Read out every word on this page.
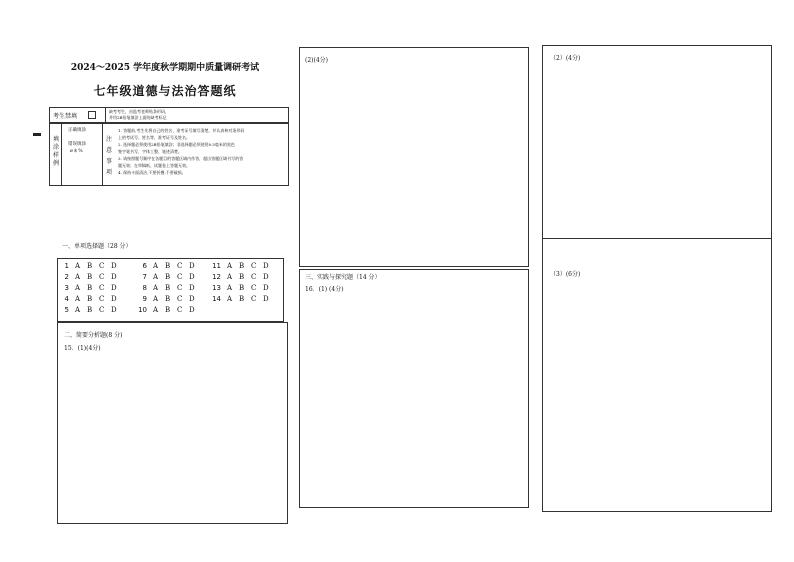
2024～2025 学年度秋学期期中质量调研考试
七年级道德与法治答题纸
考生禁填
缺考考生，由监考老师贴条形码，
并用2B铅笔填涂上面的缺考标记
填涂样例
正确填涂
错误填涂
ø $ %
注意事项
1. 答题前,考生先将自己的姓名、准考证号填写清楚，并认真核对条形码
上的考试号、姓名等，准考证号及姓名。
2. 选择题必须使用2B铅笔填涂；非选择题必须使用0.5毫米的黑色
签字笔书写，字体工整、笔迹清楚。
3. 请按照题号顺序在各题目的答题区域内作答，超出答题区域书写的答
题无效；在草稿纸、试题卷上答题无效。
4. 保持卡面清洁,不要折叠,不要破损。
一、单项选择题（28 分）
1 A B C D
2 A B C D
3 A B C D
4 A B C D
5 A B C D
6 A B C D
7 A B C D
8 A B C D
9 A B C D
10 A B C D
11 A B C D
12 A B C D
13 A B C D
14 A B C D
二、简要分析题(8 分)
15．(1)(4分)
(2)(4分)
三、实践与探究题（14 分）
16．(1) (4分)
（2）(4分)
（3）(6分)
